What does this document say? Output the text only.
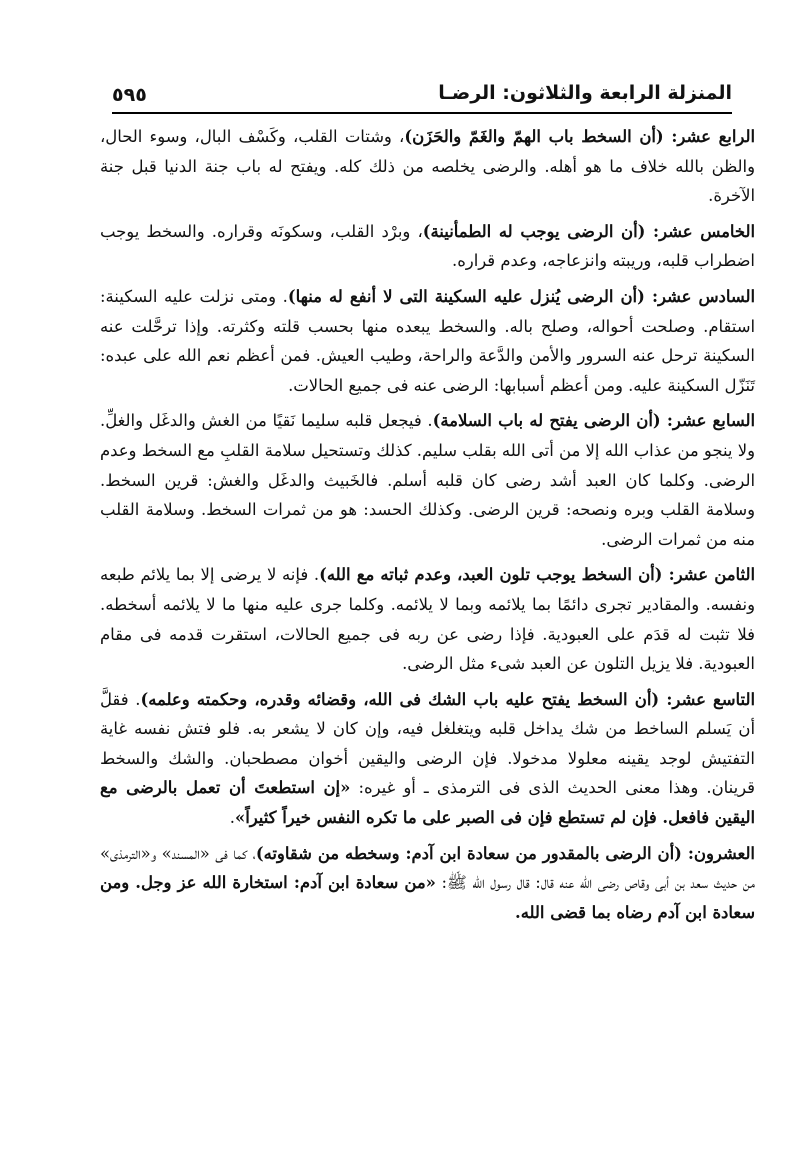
المنزلة الرابعة والثلاثون: الرضـا
٥٩٥

الرابع عشر: (أن السخط باب الهمّ والغَمّ والحَزَن)، وشتات القلب، وكَسْف البال، وسوء الحال، والظن بالله خلاف ما هو أهله. والرضى يخلصه من ذلك كله. ويفتح له باب جنة الدنيا قبل جنة الآخرة.

الخامس عشر: (أن الرضى يوجب له الطمأنينة)، وبرْد القلب، وسكونَه وقراره. والسخط يوجب اضطراب قلبه، وريبته وانزعاجه، وعدم قراره.

السادس عشر: (أن الرضى يُنزل عليه السكينة التى لا أنفع له منها). ومتى نزلت عليه السكينة: استقام. وصلحت أحواله، وصلح باله. والسخط يبعده منها بحسب قلته وكثرته. وإذا ترحَّلت عنه السكينة ترحل عنه السرور والأمن والدَّعة والراحة، وطيب العيش. فمن أعظم نعم الله على عبده: تَنَزّل السكينة عليه. ومن أعظم أسبابها: الرضى عنه فى جميع الحالات.

السابع عشر: (أن الرضى يفتح له باب السلامة). فيجعل قلبه سليما نَقيًا من الغش والدغَل والغلِّ. ولا ينجو من عذاب الله إلا من أتى الله بقلب سليم. كذلك وتستحيل سلامة القلبِ مع السخط وعدم الرضى. وكلما كان العبد أشد رضى كان قلبه أسلم. فالخَبيث والدغَل والغش: قرين السخط. وسلامة القلب وبره ونصحه: قرين الرضى. وكذلك الحسد: هو من ثمرات السخط. وسلامة القلب منه من ثمرات الرضى.

الثامن عشر: (أن السخط يوجب تلون العبد، وعدم ثباته مع الله). فإنه لا يرضى إلا بما يلائم طبعه ونفسه. والمقادير تجرى دائمًا بما يلائمه وبما لا يلائمه. وكلما جرى عليه منها ما لا يلائمه أسخطه. فلا تثبت له قدَم على العبودية. فإذا رضى عن ربه فى جميع الحالات، استقرت قدمه فى مقام العبودية. فلا يزيل التلون عن العبد شىء مثل الرضى.

التاسع عشر: (أن السخط يفتح عليه باب الشك فى الله، وقضائه وقدره، وحكمته وعلمه). فقلَّ أن يَسلم الساخط من شك يداخل قلبه ويتغلغل فيه، وإن كان لا يشعر به. فلو فتش نفسه غاية التفتيش لوجد يقينه معلولا مدخولا. فإن الرضى واليقين أخوان مصطحبان. والشك والسخط قرينان. وهذا معنى الحديث الذى فى الترمذى ـ أو غيره: «إن استطعتَ أن تعمل بالرضى مع اليقين فافعل. فإن لم تستطع فإن فى الصبر على ما تكره النفس خيراً كثيراً».

العشرون: (أن الرضى بالمقدور من سعادة ابن آدم: وسخطه من شقاوته)، كما فى «المسند» و«الترمذى» من حديث سعد بن أبى وقاص رضى الله عنه قال: قال رسول الله ﷺ: «من سعادة ابن آدم: استخارة الله عز وجل. ومن سعادة ابن آدم رضاه بما قضى الله.
